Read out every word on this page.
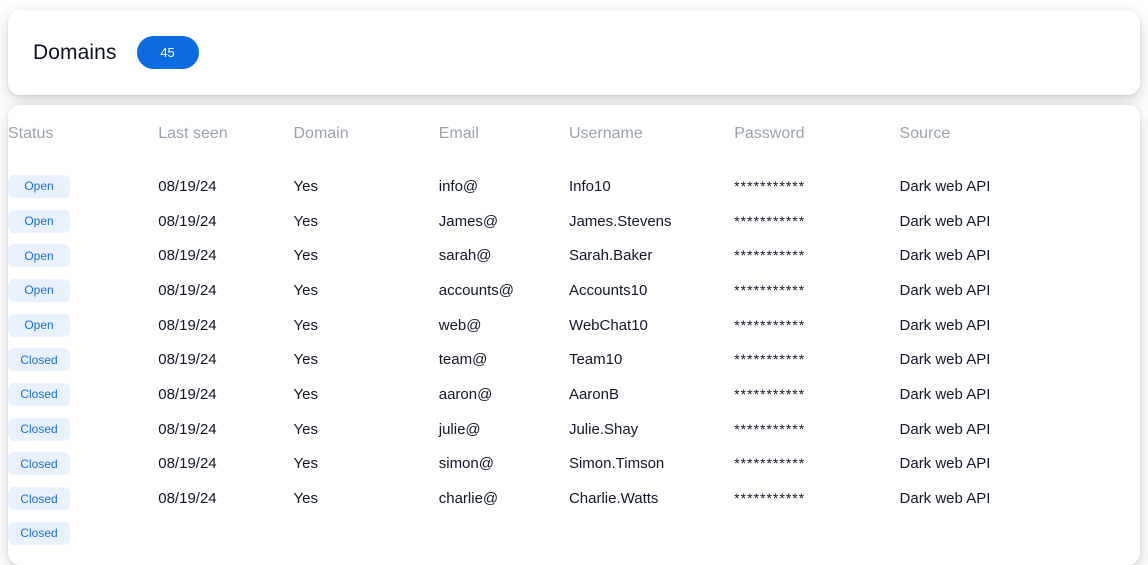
Domains	45
Status	Last seen	Domain	Email	Username	Password	Source
Open	08/19/24	Yes	info@	Info10	***********	Dark web API
Open	08/19/24	Yes	James@	James.Stevens	***********	Dark web API
Open	08/19/24	Yes	sarah@	Sarah.Baker	***********	Dark web API
Open	08/19/24	Yes	accounts@	Accounts10	***********	Dark web API
Open	08/19/24	Yes	web@	WebChat10	***********	Dark web API
Closed	08/19/24	Yes	team@	Team10	***********	Dark web API
Closed	08/19/24	Yes	aaron@	AaronB	***********	Dark web API
Closed	08/19/24	Yes	julie@	Julie.Shay	***********	Dark web API
Closed	08/19/24	Yes	simon@	Simon.Timson	***********	Dark web API
Closed	08/19/24	Yes	charlie@	Charlie.Watts	***********	Dark web API
Closed						
